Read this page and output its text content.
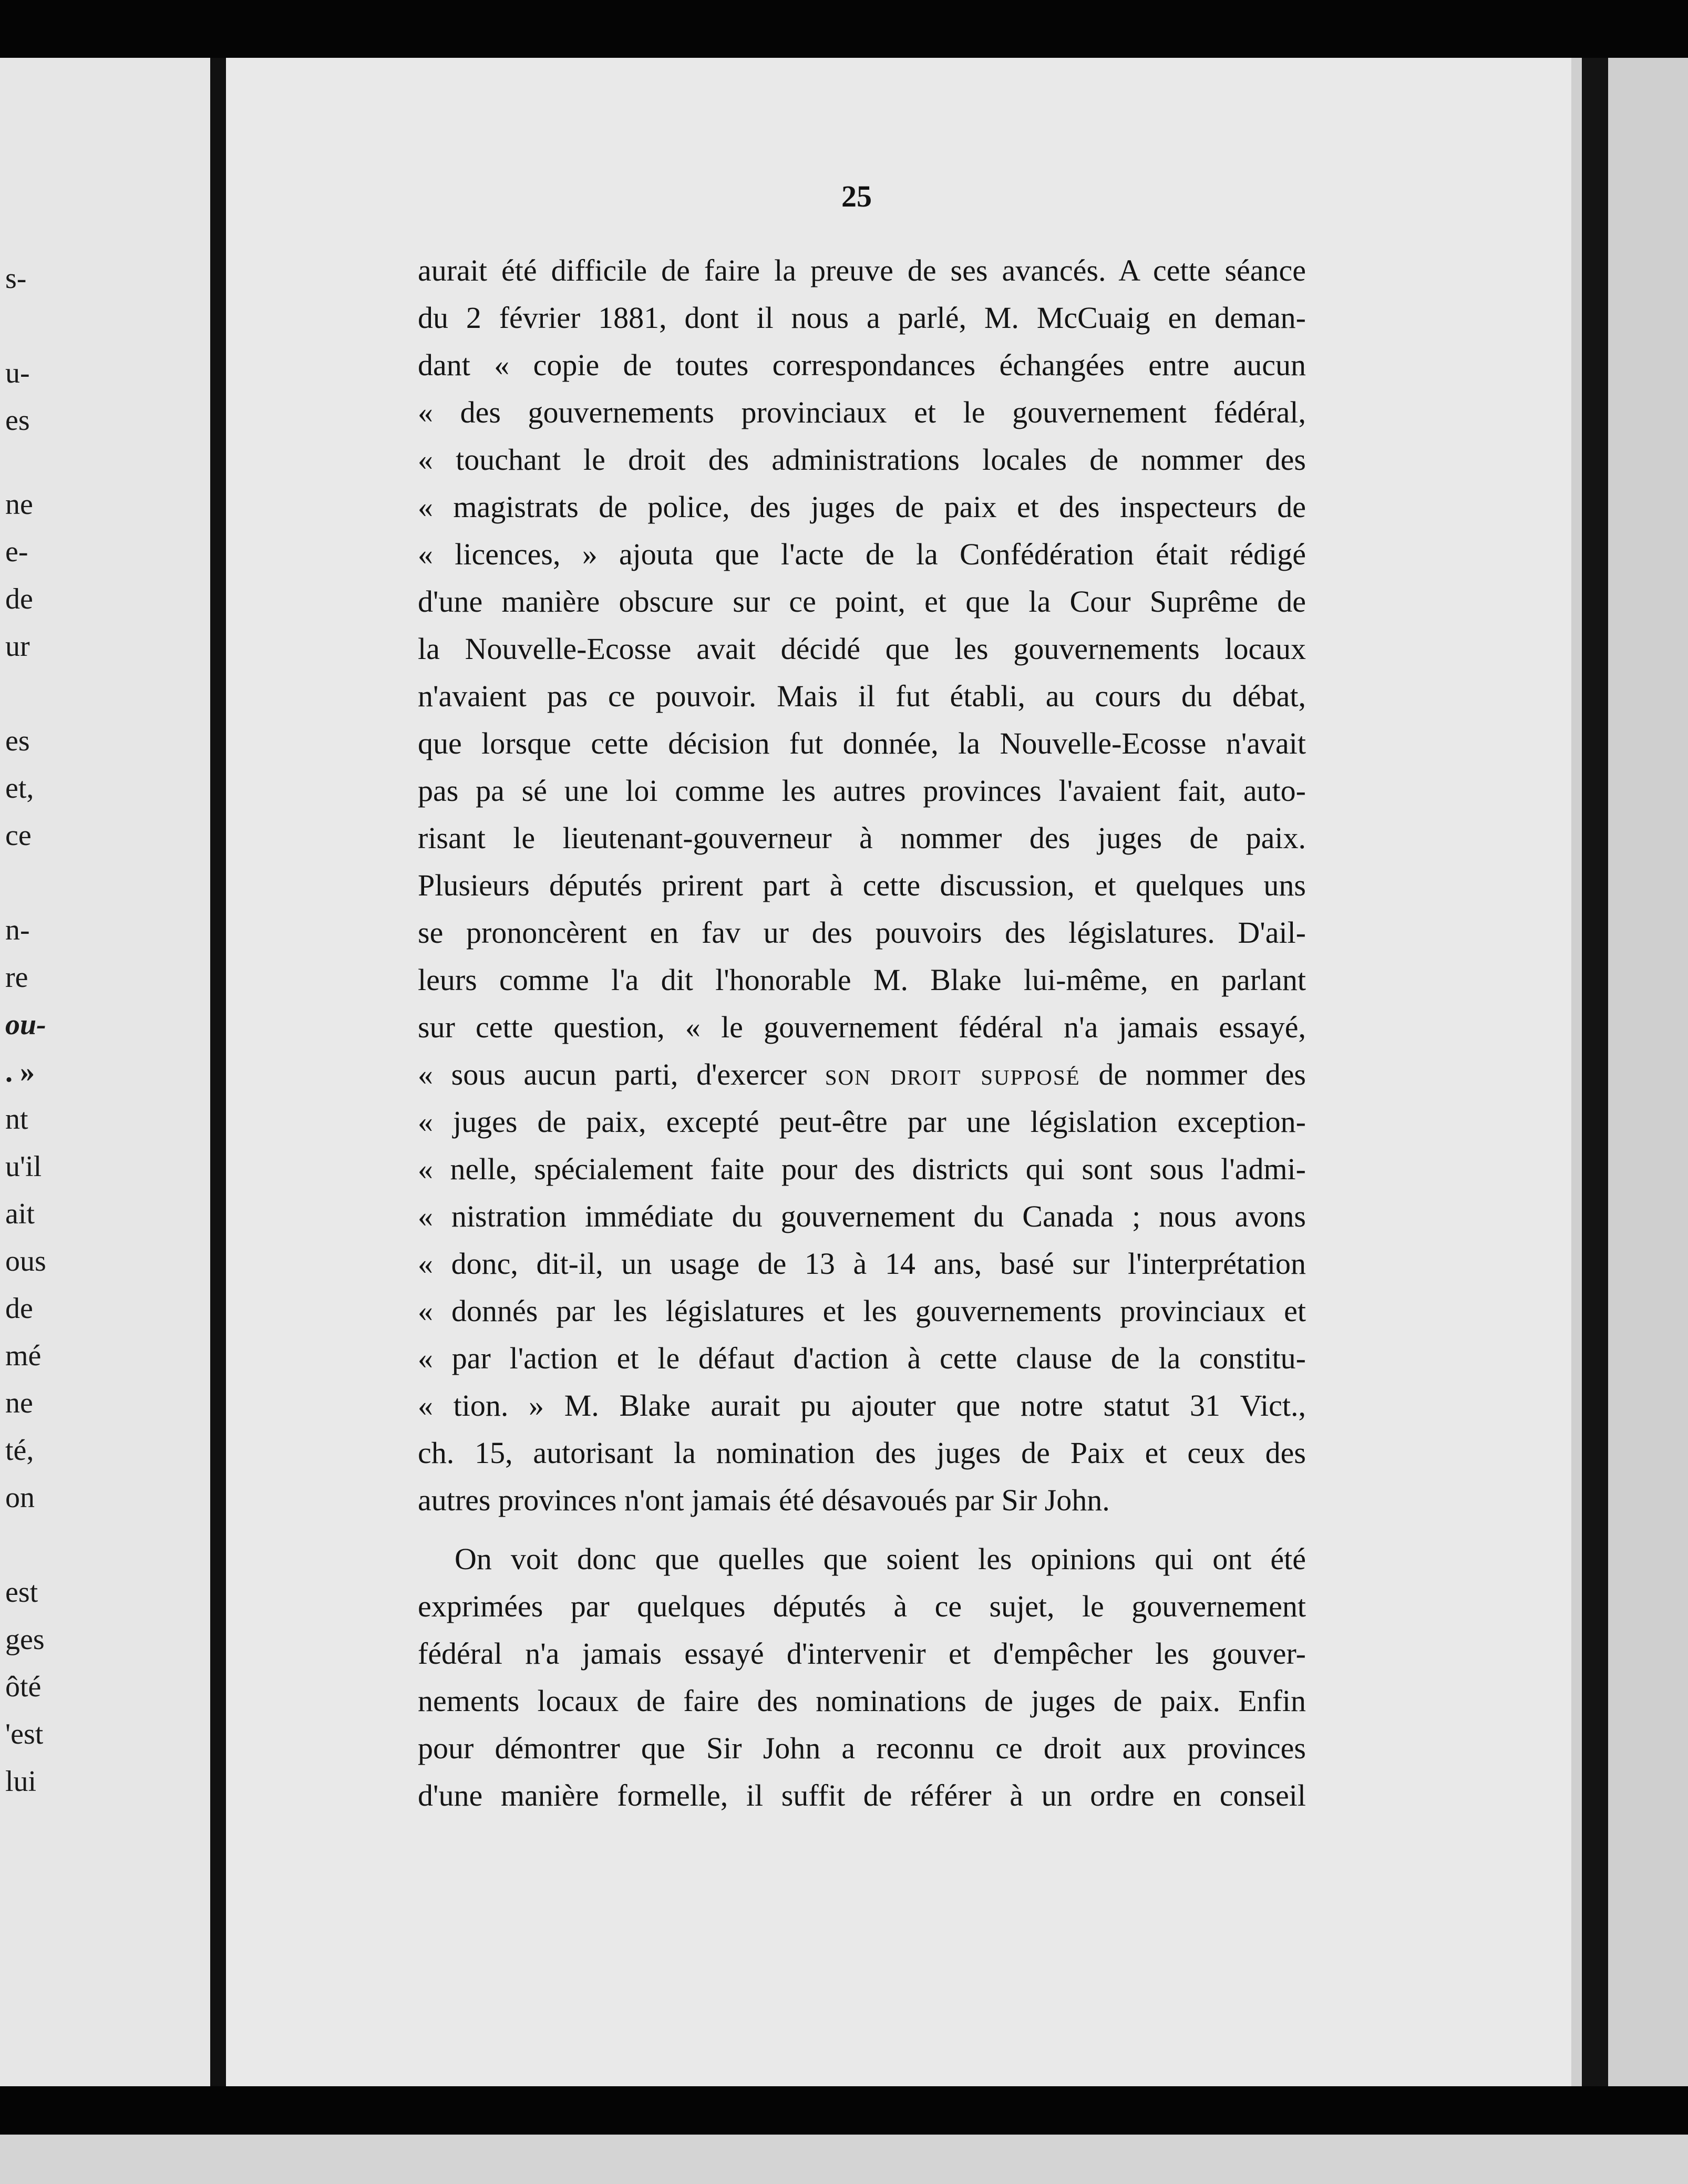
s-
u-
es
ne
e-
de
ur
es
et,
ce
n-
re
ou-
. »
nt
u'il
ait
ous
de
mé
ne
té,
on
est
ges
ôté
'est
lui
25
aurait été difficile de faire la preuve de ses avancés. A cette séance
du 2 février 1881, dont il nous a parlé, M. McCuaig en deman-
dant « copie de toutes correspondances échangées entre aucun
« des gouvernements provinciaux et le gouvernement fédéral,
« touchant le droit des administrations locales de nommer des
« magistrats de police, des juges de paix et des inspecteurs de
« licences, » ajouta que l'acte de la Confédération était rédigé
d'une manière obscure sur ce point, et que la Cour Suprême de
la Nouvelle-Ecosse avait décidé que les gouvernements locaux
n'avaient pas ce pouvoir. Mais il fut établi, au cours du débat,
que lorsque cette décision fut donnée, la Nouvelle-Ecosse n'avait
pas pa sé une loi comme les autres provinces l'avaient fait, auto-
risant le lieutenant-gouverneur à nommer des juges de paix.
Plusieurs députés prirent part à cette discussion, et quelques uns
se prononcèrent en fav ur des pouvoirs des législatures. D'ail-
leurs comme l'a dit l'honorable M. Blake lui-même, en parlant
sur cette question, « le gouvernement fédéral n'a jamais essayé,
« sous aucun parti, d'exercer son droit supposé de nommer des
« juges de paix, excepté peut-être par une législation exception-
« nelle, spécialement faite pour des districts qui sont sous l'admi-
« nistration immédiate du gouvernement du Canada ; nous avons
« donc, dit-il, un usage de 13 à 14 ans, basé sur l'interprétation
« donnés par les législatures et les gouvernements provinciaux et
« par l'action et le défaut d'action à cette clause de la constitu-
« tion. » M. Blake aurait pu ajouter que notre statut 31 Vict.,
ch. 15, autorisant la nomination des juges de Paix et ceux des
autres provinces n'ont jamais été désavoués par Sir John.
On voit donc que quelles que soient les opinions qui ont été
exprimées par quelques députés à ce sujet, le gouvernement
fédéral n'a jamais essayé d'intervenir et d'empêcher les gouver-
nements locaux de faire des nominations de juges de paix. Enfin
pour démontrer que Sir John a reconnu ce droit aux provinces
d'une manière formelle, il suffit de référer à un ordre en conseil
